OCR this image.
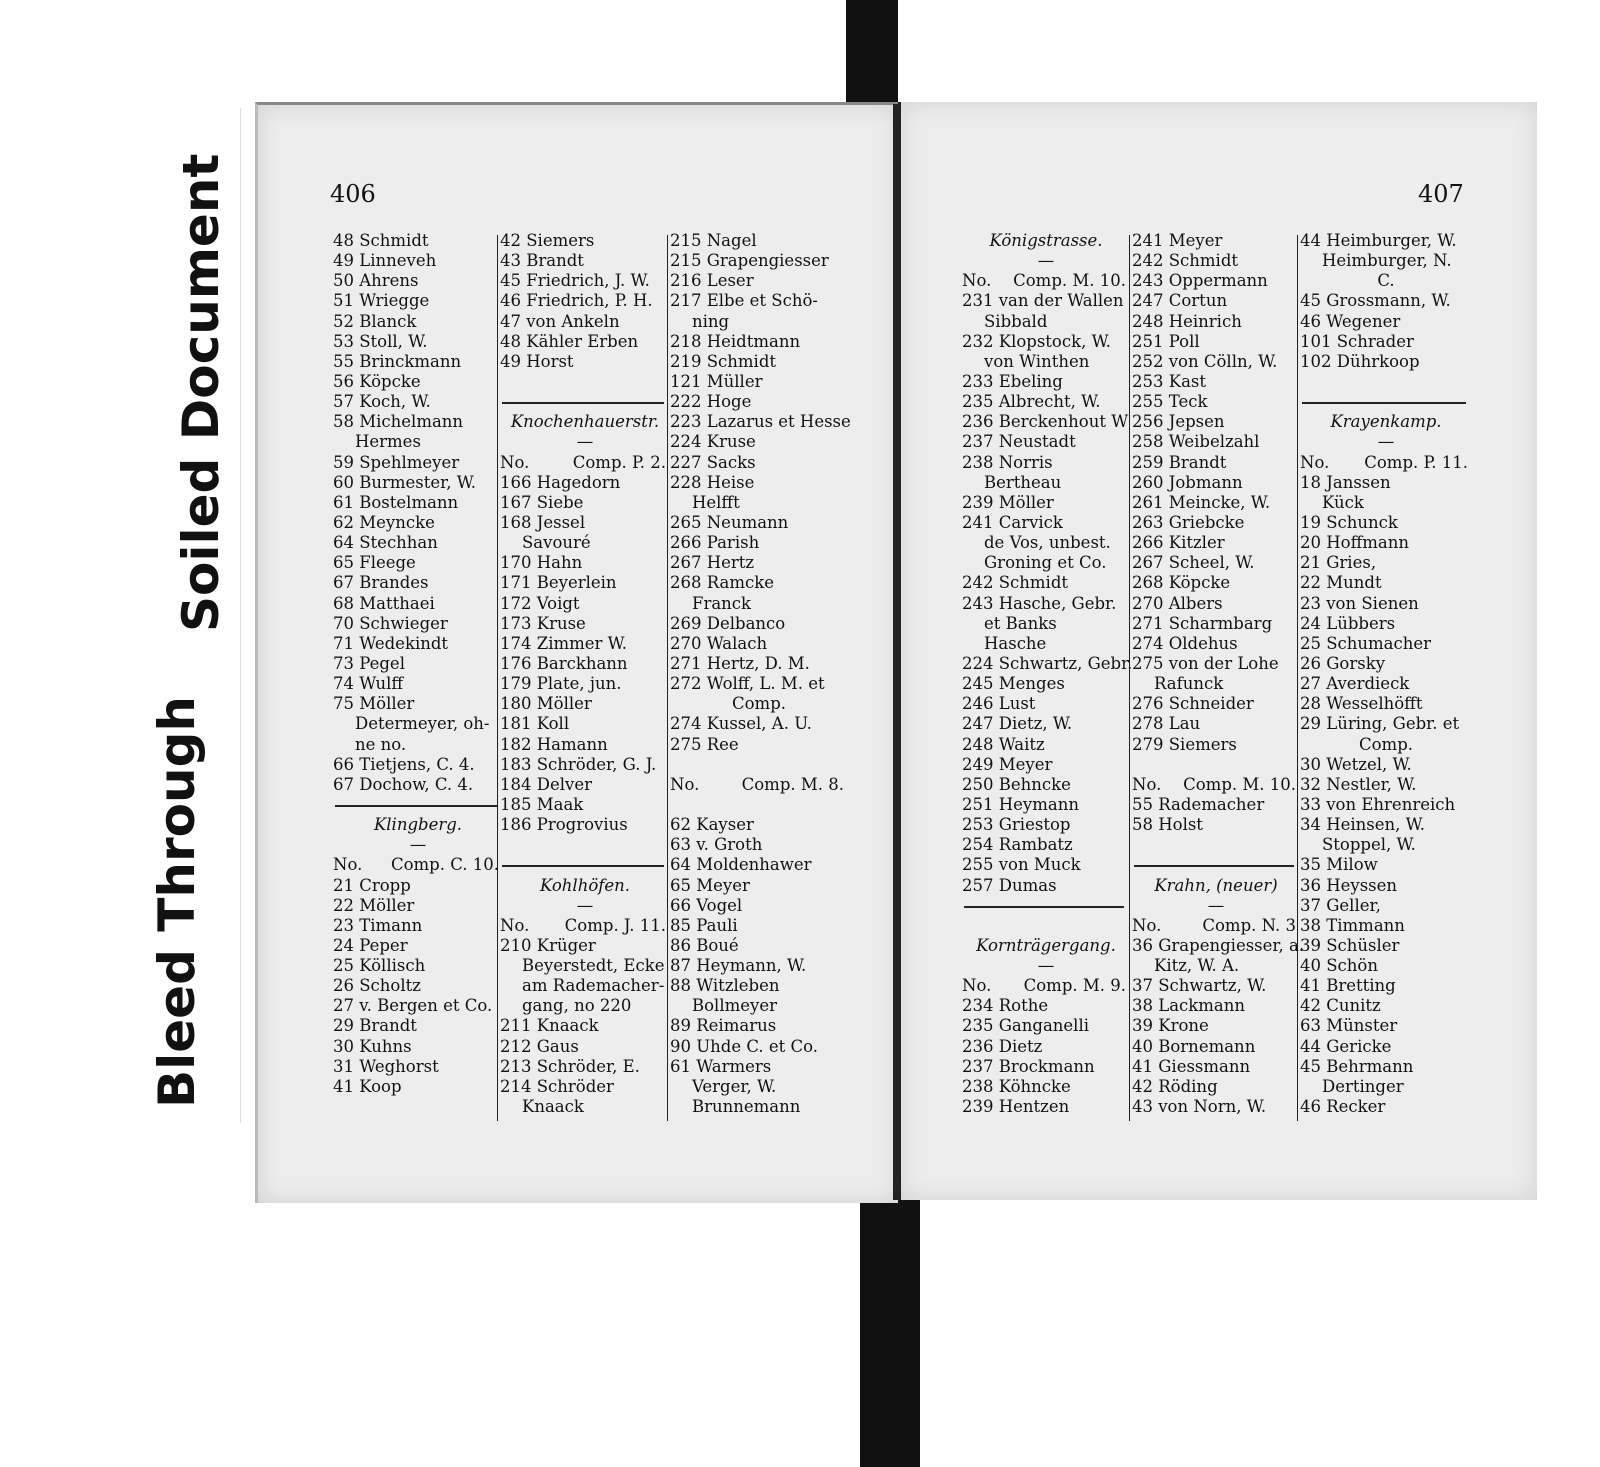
Soiled Document
Bleed Through
406	407
48 Schmidt
49 Linneveh
50 Ahrens
51 Wriegge
52 Blanck
53 Stoll, W.
55 Brinckmann
56 Köpcke
57 Koch, W.
58 Michelmann
Hermes
59 Spehlmeyer
60 Burmester, W.
61 Bostelmann
62 Meyncke
64 Stechhan
65 Fleege
67 Brandes
68 Matthaei
70 Schwieger
71 Wedekindt
73 Pegel
74 Wulff
75 Möller
Determeyer, oh-
ne no.
66 Tietjens, C. 4.
67 Dochow, C. 4.
Klingberg.
—
No. Comp. C. 10.
21 Cropp
22 Möller
23 Timann
24 Peper
25 Köllisch
26 Scholtz
27 v. Bergen et Co.
29 Brandt
30 Kuhns
31 Weghorst
41 Koop
42 Siemers
43 Brandt
45 Friedrich, J. W.
46 Friedrich, P. H.
47 von Ankeln
48 Kähler Erben
49 Horst
Knochenhauerstr.
—
No.	Comp. P. 2.
166 Hagedorn
167 Siebe
168 Jessel
Savouré
170 Hahn
171 Beyerlein
172 Voigt
173 Kruse
174 Zimmer W.
176 Barckhann
179 Plate, jun.
180 Möller
181 Koll
182 Hamann
183 Schröder, G. J.
184 Delver
185 Maak
186 Progrovius
Kohlhöfen.
—
No. Comp. J. 11.
210 Krüger
Beyerstedt, Ecke
am Rademacher-
gang, no 220
211 Knaack
212 Gaus
213 Schröder, E.
214 Schröder
Knaack
215 Nagel
215 Grapengiesser
216 Leser
217 Elbe et Schö-
ning
218 Heidtmann
219 Schmidt
121 Müller
222 Hoge
223 Lazarus et Hesse
224 Kruse
227 Sacks
228 Heise
Helfft
265 Neumann
266 Parish
267 Hertz
268 Ramcke
Franck
269 Delbanco
270 Walach
271 Hertz, D. M.
272 Wolff, L. M. et
Comp.
274 Kussel, A. U.
275 Ree
No.	Comp. M. 8.
62 Kayser
63 v. Groth
64 Moldenhawer
65 Meyer
66 Vogel
85 Pauli
86 Boué
87 Heymann, W.
88 Witzleben
Bollmeyer
89 Reimarus
90 Uhde C. et Co.
61 Warmers
Verger, W.
Brunnemann
Königstrasse.
—
No. Comp. M. 10.
231 van der Wallen
Sibbald
232 Klopstock, W.
von Winthen
233 Ebeling
235 Albrecht, W.
236 Berckenhout W
237 Neustadt
238 Norris
Bertheau
239 Möller
241 Carvick
de Vos, unbest.
Groning et Co.
242 Schmidt
243 Hasche, Gebr.
et Banks
Hasche
224 Schwartz, Gebr.
245 Menges
246 Lust
247 Dietz, W.
248 Waitz
249 Meyer
250 Behncke
251 Heymann
253 Griestop
254 Rambatz
255 von Muck
257 Dumas
Kornträgergang.
—
No. Comp. M. 9.
234 Rothe
235 Ganganelli
236 Dietz
237 Brockmann
238 Köhncke
239 Hentzen
241 Meyer
242 Schmidt
243 Oppermann
247 Cortun
248 Heinrich
251 Poll
252 von Cölln, W.
253 Kast
255 Teck
256 Jepsen
258 Weibelzahl
259 Brandt
260 Jobmann
261 Meincke, W.
263 Griebcke
266 Kitzler
267 Scheel, W.
268 Köpcke
270 Albers
271 Scharmbarg
274 Oldehus
275 von der Lohe
Rafunck
276 Schneider
278 Lau
279 Siemers
No. Comp. M. 10.
55 Rademacher
58 Holst
Krahn, (neuer)
—
No. Comp. N. 3
36 Grapengiesser, a.
Kitz, W. A.
37 Schwartz, W.
38 Lackmann
39 Krone
40 Bornemann
41 Giessmann
42 Röding
43 von Norn, W.
44 Heimburger, W.
Heimburger, N.
C.
45 Grossmann, W.
46 Wegener
101 Schrader
102 Dührkoop
Krayenkamp.
—
No. Comp. P. 11.
18 Janssen
Kück
19 Schunck
20 Hoffmann
21 Gries,
22 Mundt
23 von Sienen
24 Lübbers
25 Schumacher
26 Gorsky
27 Averdieck
28 Wesselhöfft
29 Lüring, Gebr. et
Comp.
30 Wetzel, W.
32 Nestler, W.
33 von Ehrenreich
34 Heinsen, W.
Stoppel, W.
35 Milow
36 Heyssen
37 Geller,
38 Timmann
39 Schüsler
40 Schön
41 Bretting
42 Cunitz
63 Münster
44 Gericke
45 Behrmann
Dertinger
46 Recker
